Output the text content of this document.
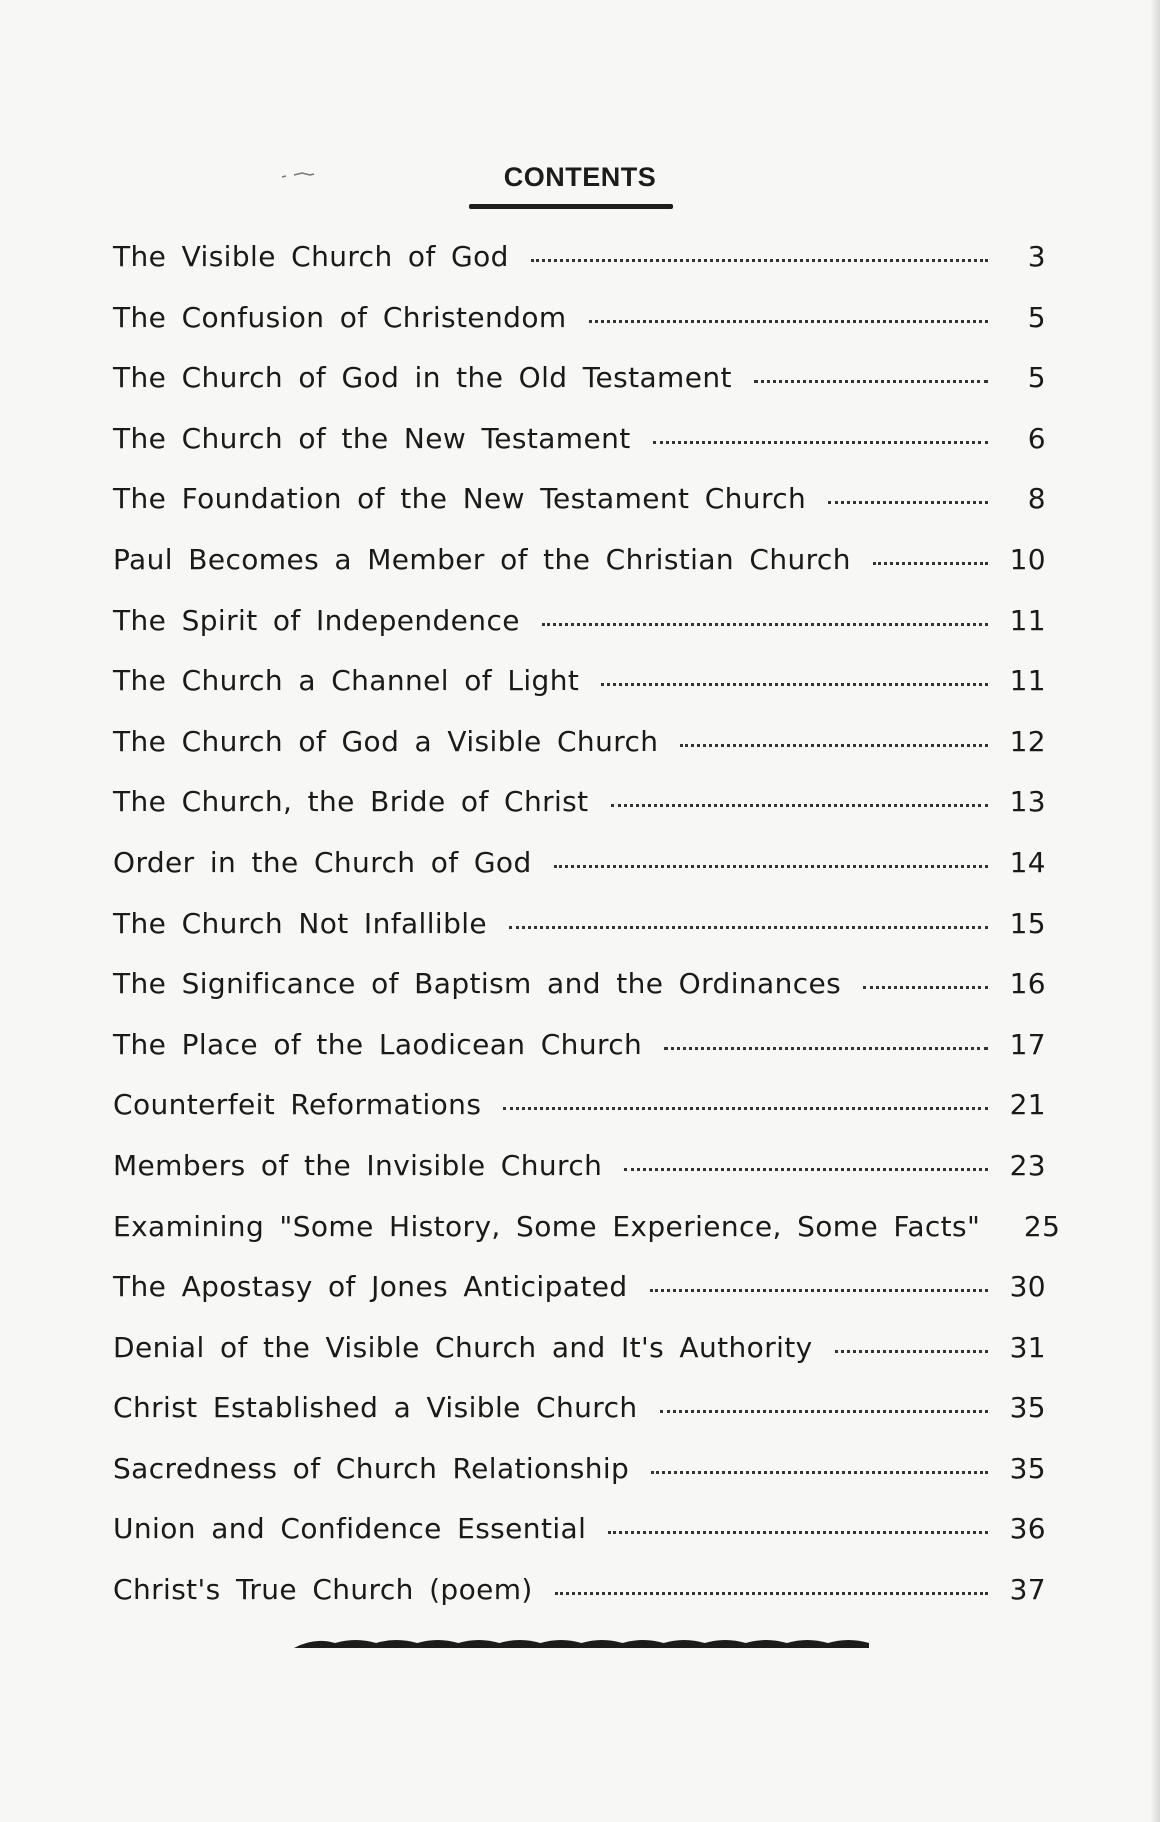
CONTENTS
The Visible Church of God	3
The Confusion of Christendom	5
The Church of God in the Old Testament	5
The Church of the New Testament	6
The Foundation of the New Testament Church	8
Paul Becomes a Member of the Christian Church	10
The Spirit of Independence	11
The Church a Channel of Light	11
The Church of God a Visible Church	12
The Church, the Bride of Christ	13
Order in the Church of God	14
The Church Not Infallible	15
The Significance of Baptism and the Ordinances	16
The Place of the Laodicean Church	17
Counterfeit Reformations	21
Members of the Invisible Church	23
Examining "Some History, Some Experience, Some Facts" 25
The Apostasy of Jones Anticipated	30
Denial of the Visible Church and It's Authority	31
Christ Established a Visible Church	35
Sacredness of Church Relationship	35
Union and Confidence Essential	36
Christ's True Church (poem)	37
